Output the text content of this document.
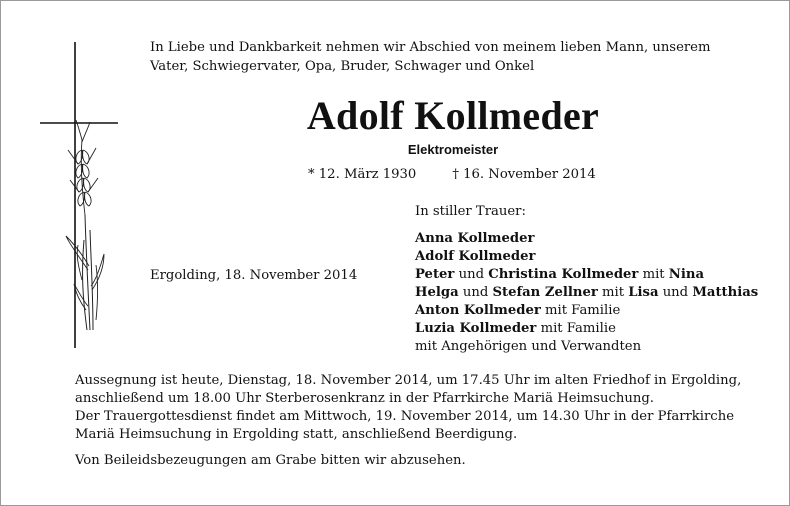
In Liebe und Dankbarkeit nehmen wir Abschied von meinem lieben Mann, unserem
Vater, Schwiegervater, Opa, Bruder, Schwager und Onkel
Adolf Kollmeder
Elektromeister
* 12. März 1930	† 16. November 2014
Ergolding, 18. November 2014
In stiller Trauer:
Anna Kollmeder
Adolf Kollmeder
Peter und Christina Kollmeder mit Nina
Helga und Stefan Zellner mit Lisa und Matthias
Anton Kollmeder mit Familie
Luzia Kollmeder mit Familie
mit Angehörigen und Verwandten
Aussegnung ist heute, Dienstag, 18. November 2014, um 17.45 Uhr im alten Friedhof in Ergolding,
anschließend um 18.00 Uhr Sterberosenkranz in der Pfarrkirche Mariä Heimsuchung.
Der Trauergottesdienst findet am Mittwoch, 19. November 2014, um 14.30 Uhr in der Pfarrkirche
Mariä Heimsuchung in Ergolding statt, anschließend Beerdigung.
Von Beileidsbezeugungen am Grabe bitten wir abzusehen.
